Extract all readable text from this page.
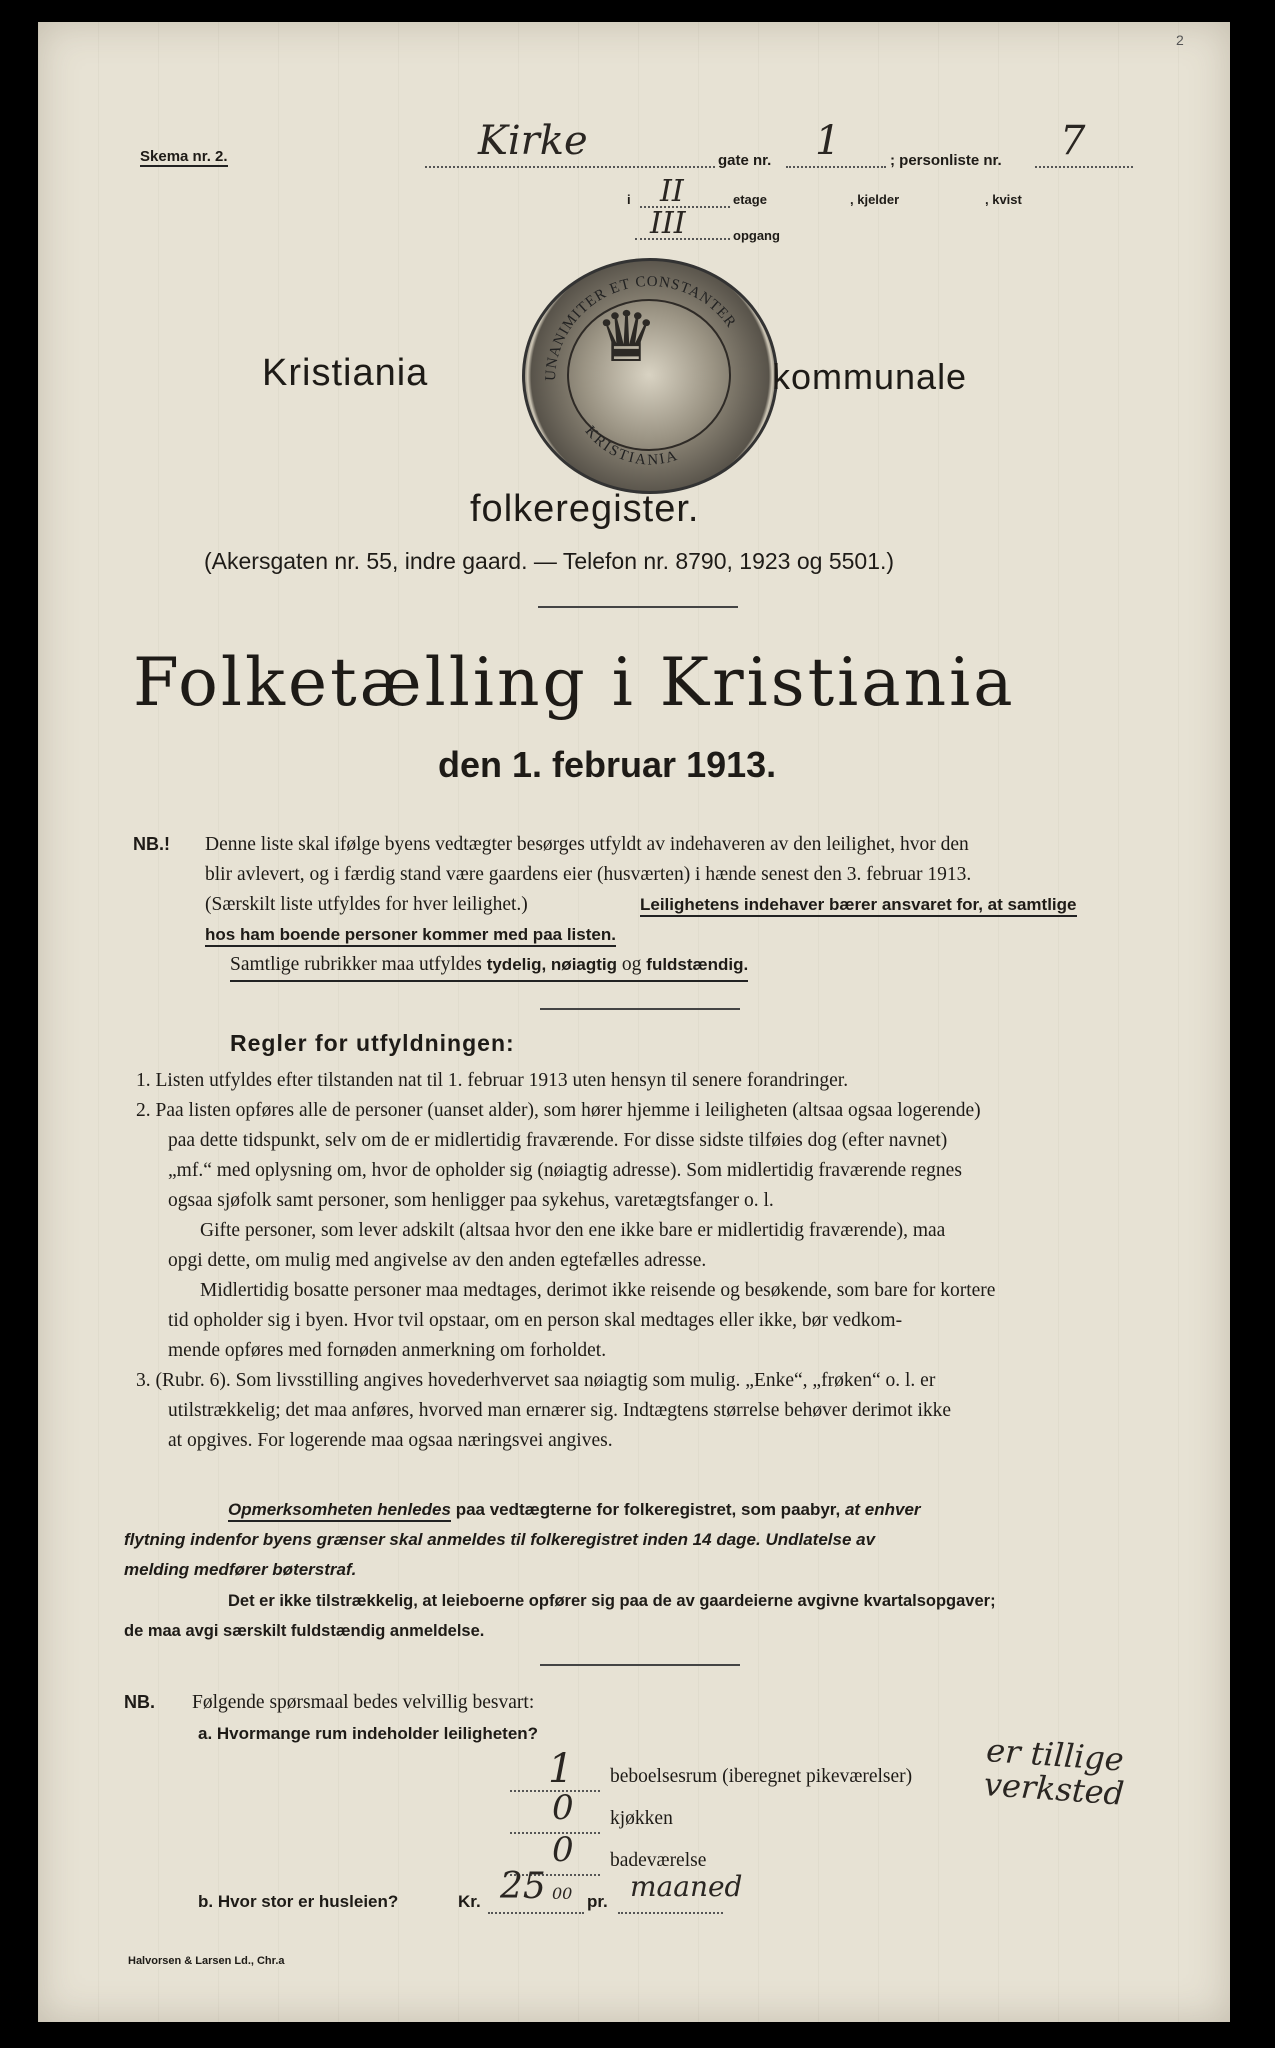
2
Skema nr. 2.	Kirke	gate nr. 1	; personliste nr. 7
i II	etage	, kjelder	, kvist
III	opgang
♛
UNANIMITER ET CONSTANTER
KRISTIANIA
Kristiania	kommunale
folkeregister.
(Akersgaten nr. 55, indre gaard. — Telefon nr. 8790, 1923 og 5501.)
Folketælling i Kristiania
den 1. februar 1913.
NB.! Denne liste skal ifølge byens vedtægter besørges utfyldt av indehaveren av den leilighet, hvor den
blir avlevert, og i færdig stand være gaardens eier (husværten) i hænde senest den 3. februar 1913.
(Særskilt liste utfyldes for hver leilighet.)	Leilighetens indehaver bærer ansvaret for, at samtlige
hos ham boende personer kommer med paa listen.
Samtlige rubrikker maa utfyldes tydelig, nøiagtig og fuldstændig.
Regler for utfyldningen:
1. Listen utfyldes efter tilstanden nat til 1. februar 1913 uten hensyn til senere forandringer.
2. Paa listen opføres alle de personer (uanset alder), som hører hjemme i leiligheten (altsaa ogsaa logerende)
paa dette tidspunkt, selv om de er midlertidig fraværende. For disse sidste tilføies dog (efter navnet)
„mf.“ med oplysning om, hvor de opholder sig (nøiagtig adresse). Som midlertidig fraværende regnes
ogsaa sjøfolk samt personer, som henligger paa sykehus, varetægtsfanger o. l.
Gifte personer, som lever adskilt (altsaa hvor den ene ikke bare er midlertidig fraværende), maa
opgi dette, om mulig med angivelse av den anden egtefælles adresse.
Midlertidig bosatte personer maa medtages, derimot ikke reisende og besøkende, som bare for kortere
tid opholder sig i byen. Hvor tvil opstaar, om en person skal medtages eller ikke, bør vedkom-
mende opføres med fornøden anmerkning om forholdet.
3. (Rubr. 6). Som livsstilling angives hovederhvervet saa nøiagtig som mulig. „Enke“, „frøken“ o. l. er
utilstrækkelig; det maa anføres, hvorved man ernærer sig. Indtægtens størrelse behøver derimot ikke
at opgives. For logerende maa ogsaa næringsvei angives.
Opmerksomheten henledes paa vedtægterne for folkeregistret, som paabyr, at enhver
flytning indenfor byens grænser skal anmeldes til folkeregistret inden 14 dage. Undlatelse av
melding medfører bøterstraf.
Det er ikke tilstrækkelig, at leieboerne opfører sig paa de av gaardeierne avgivne kvartalsopgaver;
de maa avgi særskilt fuldstændig anmeldelse.
NB. Følgende spørsmaal bedes velvillig besvart:
a. Hvormange rum indeholder leiligheten?
1 beboelsesrum (iberegnet pikeværelser) er tillige verksted
0 kjøkken
0 badeværelse
b. Hvor stor er husleien?	Kr. 25 00 pr. maaned
Halvorsen & Larsen Ld., Chr.a
